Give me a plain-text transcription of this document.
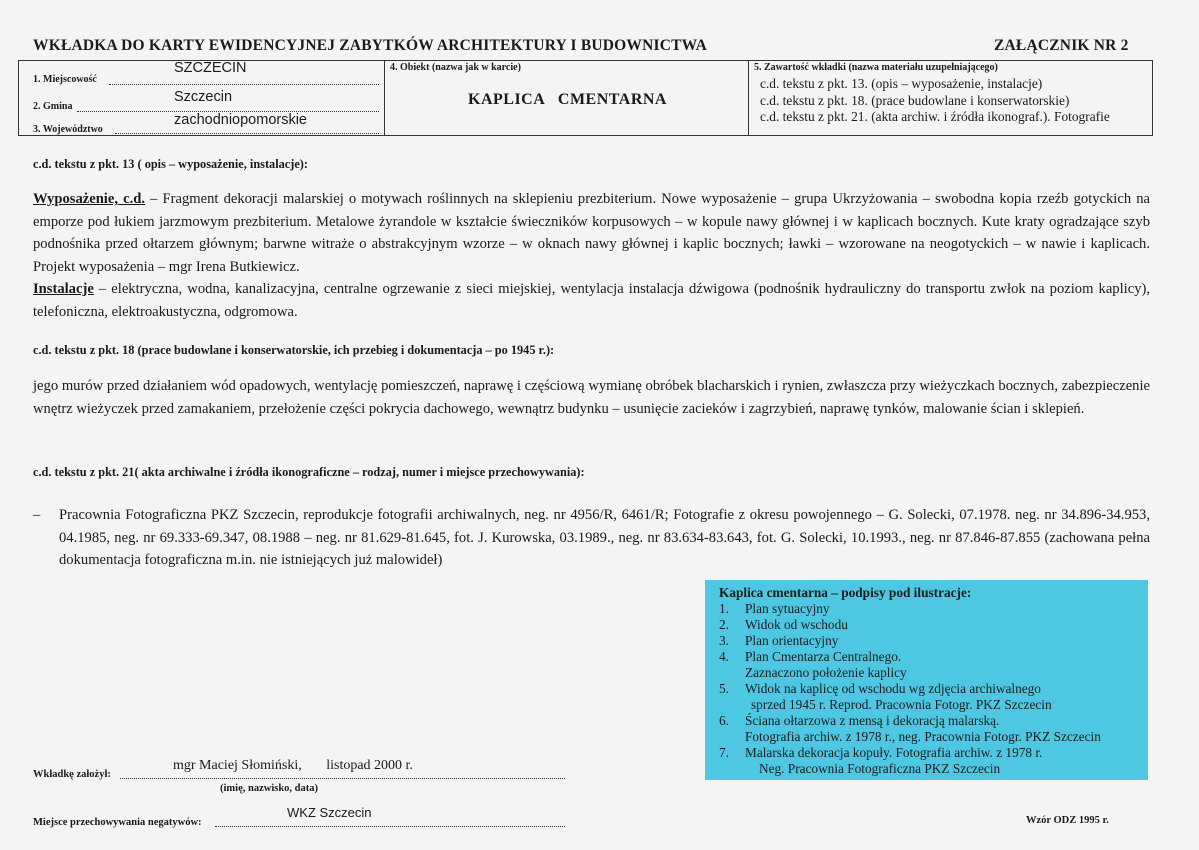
WKŁADKA DO KARTY EWIDENCYJNEJ ZABYTKÓW ARCHITEKTURY I BUDOWNICTWA	ZAŁĄCZNIK NR 2
1. Miejscowość
SZCZECIN
2. Gmina
Szczecin
3. Województwo
zachodniopomorskie
4. Obiekt (nazwa jak w karcie)
KAPLICA   CMENTARNA
5. Zawartość wkładki (nazwa materiału uzupełniającego)
c.d. tekstu z pkt. 13. (opis – wyposażenie, instalacje)
c.d. tekstu z pkt. 18. (prace budowlane i konserwatorskie)
c.d. tekstu z pkt. 21. (akta archiw. i źródła ikonograf.). Fotografie
c.d. tekstu z pkt. 13 ( opis – wyposażenie, instalacje):
Wyposażenie, c.d. – Fragment dekoracji malarskiej o motywach roślinnych na sklepieniu prezbiterium. Nowe wyposażenie – grupa Ukrzyżowania – swobodna kopia rzeźb gotyckich na emporze pod łukiem jarzmowym prezbiterium. Metalowe żyrandole w kształcie świeczników korpusowych – w kopule nawy głównej i w kaplicach bocznych. Kute kraty ogradzające szyb podnośnika przed ołtarzem głównym; barwne witraże o abstrakcyjnym wzorze – w oknach nawy głównej i kaplic bocznych; ławki – wzorowane na neogotyckich – w nawie i kaplicach. Projekt wyposażenia – mgr Irena Butkiewicz.
Instalacje – elektryczna, wodna, kanalizacyjna, centralne ogrzewanie z sieci miejskiej, wentylacja instalacja dźwigowa (podnośnik hydrauliczny do transportu zwłok na poziom kaplicy), telefoniczna, elektroakustyczna, odgromowa.
c.d. tekstu z pkt. 18 (prace budowlane i konserwatorskie, ich przebieg i dokumentacja – po 1945 r.):
jego murów przed działaniem wód opadowych, wentylację pomieszczeń, naprawę i częściową wymianę obróbek blacharskich i rynien, zwłaszcza przy wieżyczkach bocznych, zabezpieczenie wnętrz wieżyczek przed zamakaniem, przełożenie części pokrycia dachowego, wewnątrz budynku – usunięcie zacieków i zagrzybień, naprawę tynków, malowanie ścian i sklepień.
c.d. tekstu z pkt. 21( akta archiwalne i źródła ikonograficzne – rodzaj, numer i miejsce przechowywania):
– Pracownia Fotograficzna PKZ Szczecin, reprodukcje fotografii archiwalnych, neg. nr 4956/R, 6461/R; Fotografie z okresu powojennego – G. Solecki, 07.1978. neg. nr 34.896-34.953, 04.1985, neg. nr 69.333-69.347, 08.1988 – neg. nr 81.629-81.645, fot. J. Kurowska, 03.1989., neg. nr 83.634-83.643, fot. G. Solecki, 10.1993., neg. nr 87.846-87.855 (zachowana pełna dokumentacja fotograficzna m.in. nie istniejących już malowideł)
Kaplica cmentarna – podpisy pod ilustracje:
1.	Plan sytuacyjny
2.	Widok od wschodu
3.	Plan orientacyjny
4.	Plan Cmentarza Centralnego.
Zaznaczono położenie kaplicy
5.	Widok na kaplicę od wschodu wg zdjęcia archiwalnego
sprzed 1945 r. Reprod. Pracownia Fotogr. PKZ Szczecin
6.	Ściana ołtarzowa z mensą i dekoracją malarską.
Fotografia archiw. z 1978 r., neg. Pracownia Fotogr. PKZ Szczecin
7.	Malarska dekoracja kopuły. Fotografia archiw. z 1978 r.
Neg. Pracownia Fotograficzna PKZ Szczecin
Wkładkę założył:
mgr Maciej Słomiński,       listopad 2000 r.
(imię, nazwisko, data)
Miejsce przechowywania negatywów:
WKZ Szczecin
Wzór ODZ 1995 r.
